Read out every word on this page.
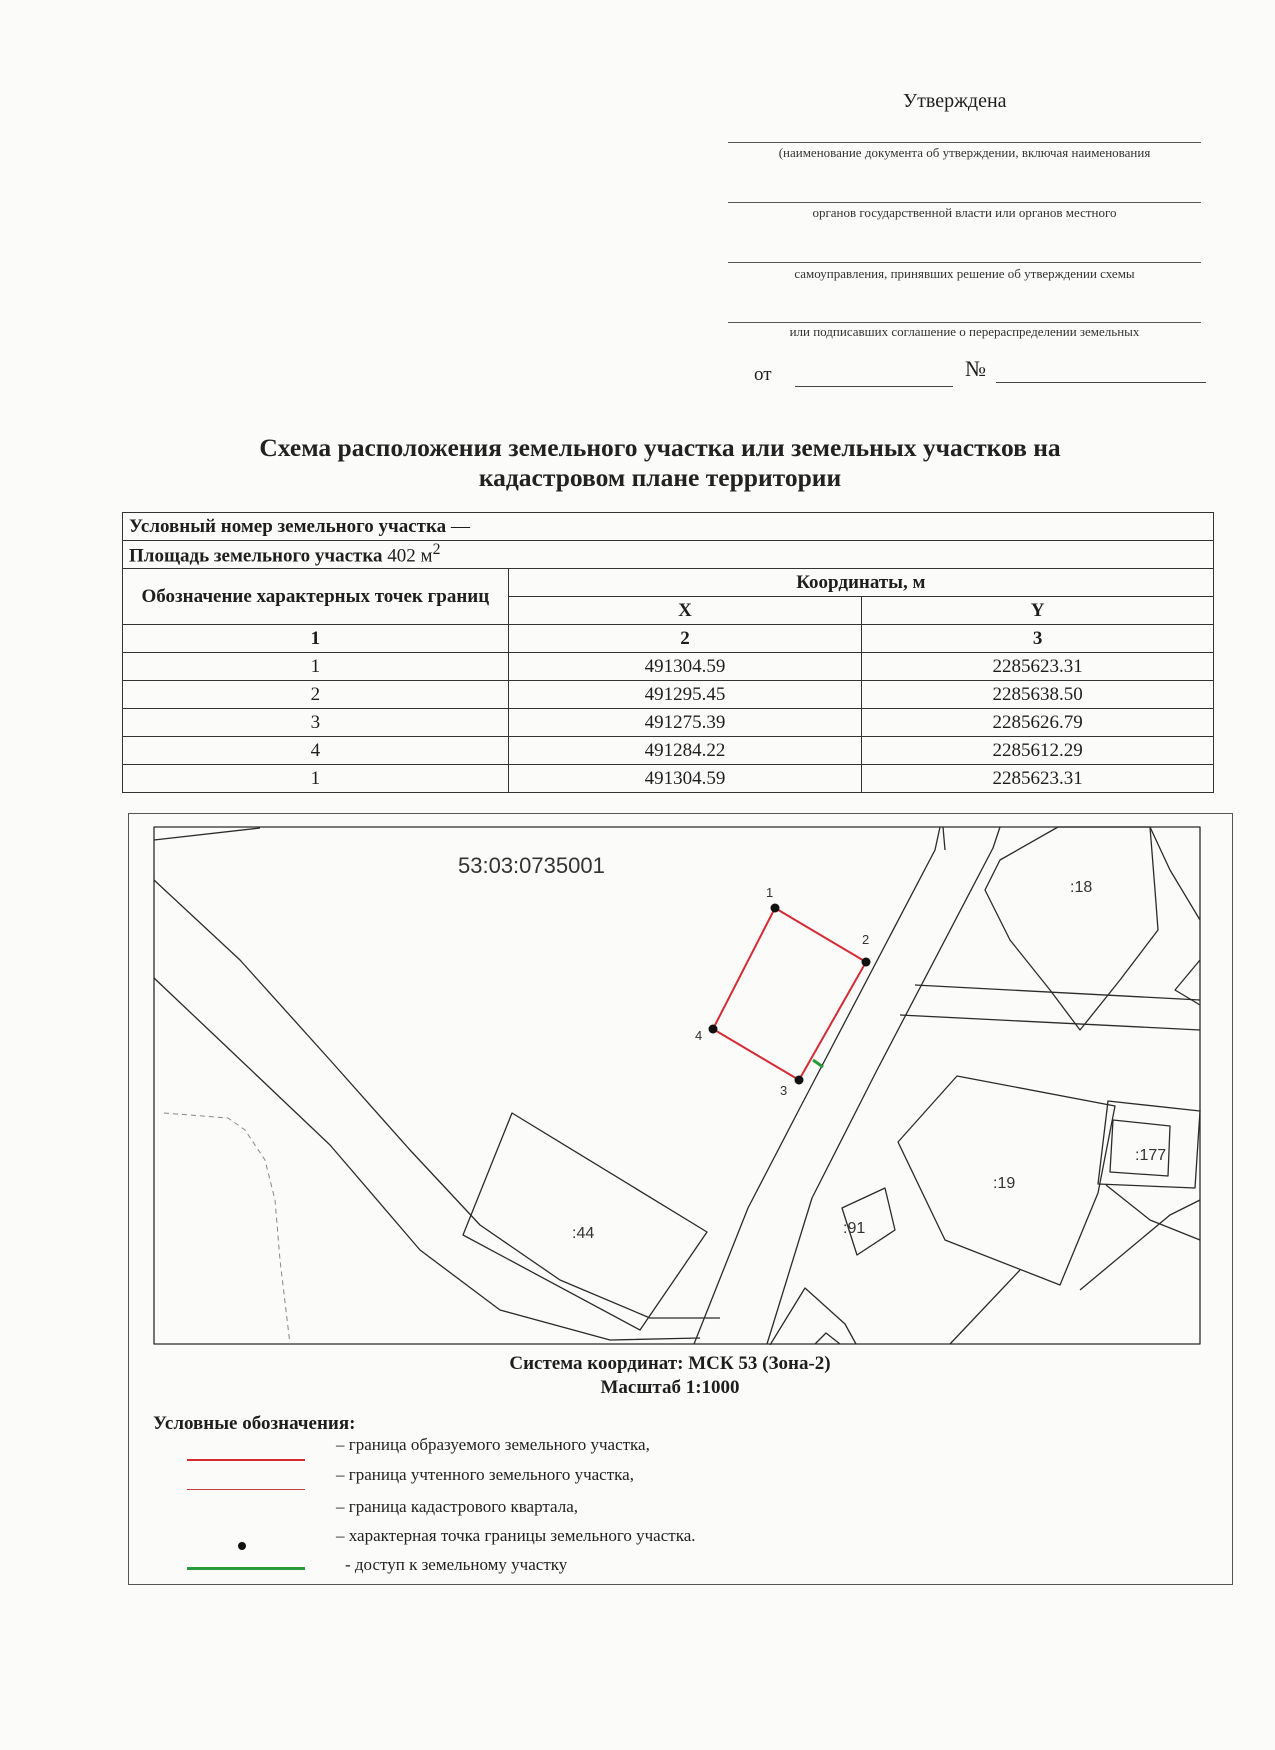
Утверждена
(наименование документа об утверждении, включая наименования
органов государственной власти или органов местного
самоуправления, принявших решение об утверждении схемы
или подписавших соглашение о перераспределении земельных
от	№
Схема расположения земельного участка или земельных участков на
кадастровом плане территории
Условный номер земельного участка —		
Площадь земельного участка 402 $м^2$
Обозначение характерных точек границ	Координаты, м	
	X	Y
1	2	3
1	491304.59	2285623.31
2	491295.45	2285638.50
3	491275.39	2285626.79
4	491284.22	2285612.29
1	491304.59	2285623.31
53:03:0735001
1
2
3
4
:18
:177
:19
:91
:44
Система координат: МСК 53 (Зона-2)
Масштаб 1:1000
Условные обозначения:
– граница образуемого земельного участка,
– граница учтенного земельного участка,
– граница кадастрового квартала,
– характерная точка границы земельного участка.
- доступ к земельному участку
